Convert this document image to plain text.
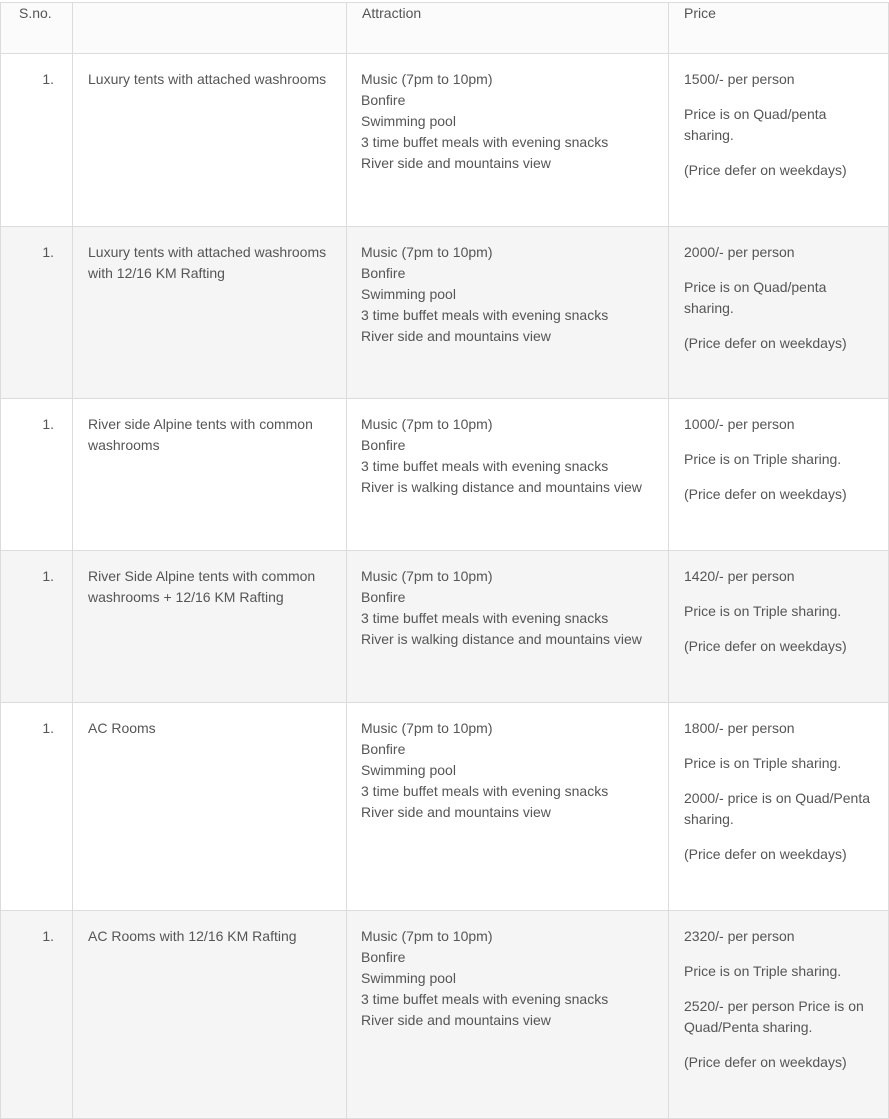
S.no.		Attraction	Price
1.	Luxury tents with attached washrooms	Music (7pm to 10pm)
Bonfire
Swimming pool
3 time buffet meals with evening snacks
River side and mountains view	1500/- per person
Price is on Quad/penta sharing.
(Price defer on weekdays)

1.	Luxury tents with attached washrooms with 12/16 KM Rafting	Music (7pm to 10pm)
Bonfire
Swimming pool
3 time buffet meals with evening snacks
River side and mountains view	2000/- per person
Price is on Quad/penta sharing.
(Price defer on weekdays)

1.	River side Alpine tents with common washrooms	Music (7pm to 10pm)
Bonfire
3 time buffet meals with evening snacks
River is walking distance and mountains view	1000/- per person
Price is on Triple sharing.
(Price defer on weekdays)

1.	River Side Alpine tents with common washrooms + 12/16 KM Rafting	Music (7pm to 10pm)
Bonfire
3 time buffet meals with evening snacks
River is walking distance and mountains view	1420/- per person
Price is on Triple sharing.
(Price defer on weekdays)

1.	AC Rooms	Music (7pm to 10pm)
Bonfire
Swimming pool
3 time buffet meals with evening snacks
River side and mountains view	1800/- per person
Price is on Triple sharing.
2000/- price is on Quad/Penta sharing.
(Price defer on weekdays)

1.	AC Rooms with 12/16 KM Rafting	Music (7pm to 10pm)
Bonfire
Swimming pool
3 time buffet meals with evening snacks
River side and mountains view	2320/- per person
Price is on Triple sharing.
2520/- per person Price is on Quad/Penta sharing.
(Price defer on weekdays)
